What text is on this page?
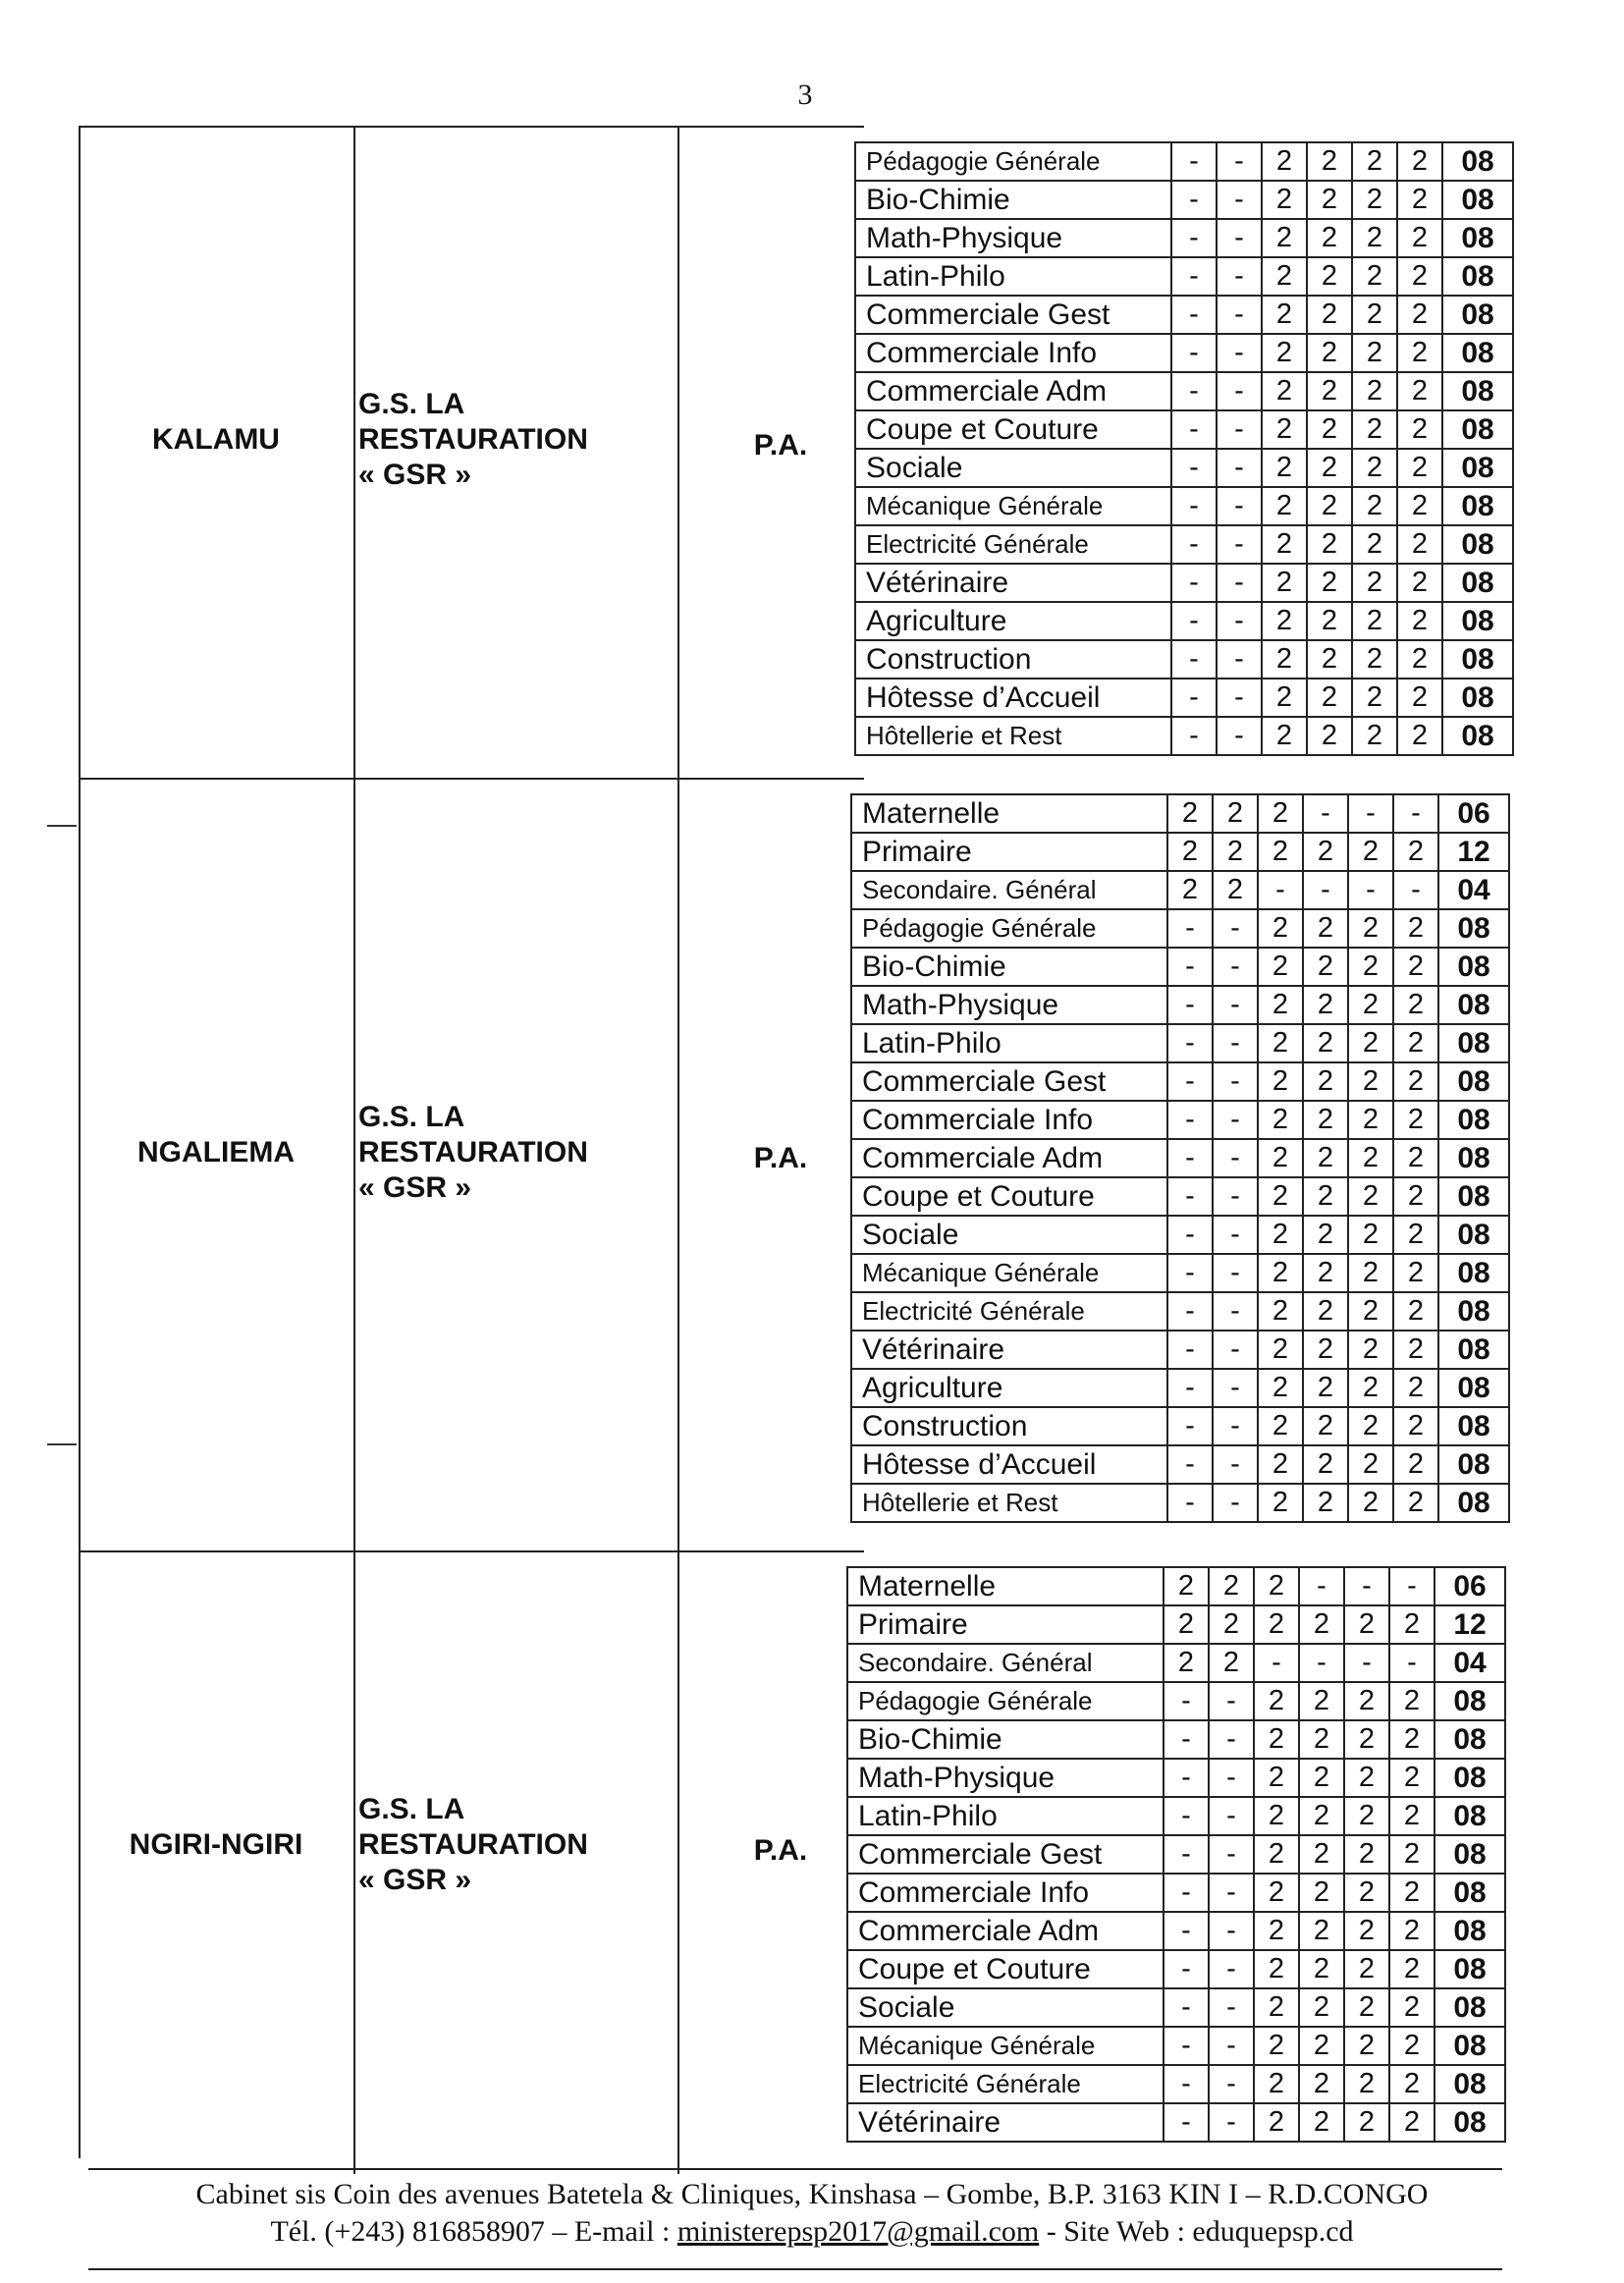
3
KALAMU
G.S. LA
RESTAURATION
« GSR »
P.A.
Pédagogie Générale	-	-	2	2	2	2	08
Bio-Chimie	-	-	2	2	2	2	08
Math-Physique	-	-	2	2	2	2	08
Latin-Philo	-	-	2	2	2	2	08
Commerciale Gest	-	-	2	2	2	2	08
Commerciale Info	-	-	2	2	2	2	08
Commerciale Adm	-	-	2	2	2	2	08
Coupe et Couture	-	-	2	2	2	2	08
Sociale	-	-	2	2	2	2	08
Mécanique Générale	-	-	2	2	2	2	08
Electricité Générale	-	-	2	2	2	2	08
Vétérinaire	-	-	2	2	2	2	08
Agriculture	-	-	2	2	2	2	08
Construction	-	-	2	2	2	2	08
Hôtesse d’Accueil	-	-	2	2	2	2	08
Hôtellerie et Rest	-	-	2	2	2	2	08
NGALIEMA
G.S. LA
RESTAURATION
« GSR »
P.A.
Maternelle	2	2	2	-	-	-	06
Primaire	2	2	2	2	2	2	12
Secondaire. Général	2	2	-	-	-	-	04
Pédagogie Générale	-	-	2	2	2	2	08
Bio-Chimie	-	-	2	2	2	2	08
Math-Physique	-	-	2	2	2	2	08
Latin-Philo	-	-	2	2	2	2	08
Commerciale Gest	-	-	2	2	2	2	08
Commerciale Info	-	-	2	2	2	2	08
Commerciale Adm	-	-	2	2	2	2	08
Coupe et Couture	-	-	2	2	2	2	08
Sociale	-	-	2	2	2	2	08
Mécanique Générale	-	-	2	2	2	2	08
Electricité Générale	-	-	2	2	2	2	08
Vétérinaire	-	-	2	2	2	2	08
Agriculture	-	-	2	2	2	2	08
Construction	-	-	2	2	2	2	08
Hôtesse d’Accueil	-	-	2	2	2	2	08
Hôtellerie et Rest	-	-	2	2	2	2	08
NGIRI-NGIRI
G.S. LA
RESTAURATION
« GSR »
P.A.
Maternelle	2	2	2	-	-	-	06
Primaire	2	2	2	2	2	2	12
Secondaire. Général	2	2	-	-	-	-	04
Pédagogie Générale	-	-	2	2	2	2	08
Bio-Chimie	-	-	2	2	2	2	08
Math-Physique	-	-	2	2	2	2	08
Latin-Philo	-	-	2	2	2	2	08
Commerciale Gest	-	-	2	2	2	2	08
Commerciale Info	-	-	2	2	2	2	08
Commerciale Adm	-	-	2	2	2	2	08
Coupe et Couture	-	-	2	2	2	2	08
Sociale	-	-	2	2	2	2	08
Mécanique Générale	-	-	2	2	2	2	08
Electricité Générale	-	-	2	2	2	2	08
Vétérinaire	-	-	2	2	2	2	08
Cabinet sis Coin des avenues Batetela & Cliniques, Kinshasa – Gombe, B.P. 3163 KIN I – R.D.CONGO
Tél. (+243) 816858907 – E-mail : ministerepsp2017@gmail.com - Site Web : eduquepsp.cd
